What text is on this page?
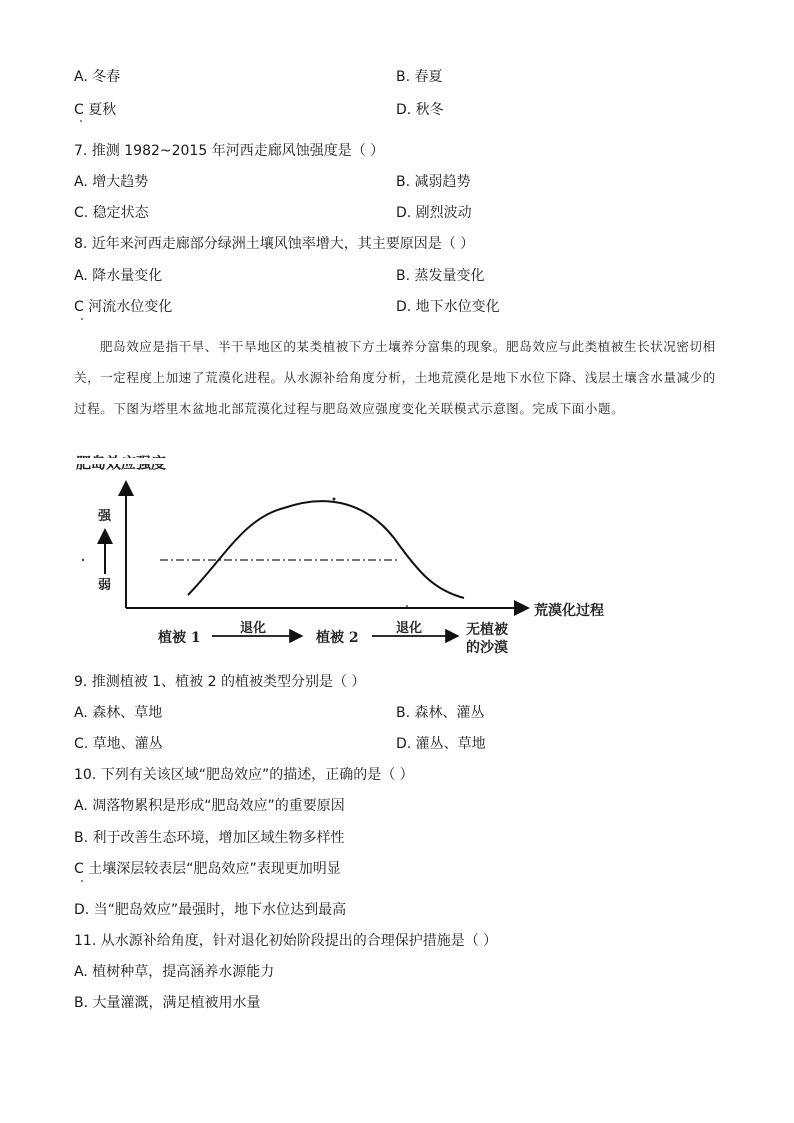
A. 冬春	B. 春夏
C 夏秋	D. 秋冬
7. 推测 1982~2015 年河西走廊风蚀强度是（ ）
A. 增大趋势	B. 减弱趋势
C. 稳定状态	D. 剧烈波动
8. 近年来河西走廊部分绿洲土壤风蚀率增大，其主要原因是（ ）
A. 降水量变化	B. 蒸发量变化
C 河流水位变化	D. 地下水位变化
肥岛效应是指干旱、半干旱地区的某类植被下方土壤养分富集的现象。肥岛效应与此类植被生长状况密切相关，一定程度上加速了荒漠化进程。从水源补给角度分析，土地荒漠化是地下水位下降、浅层土壤含水量减少的过程。下图为塔里木盆地北部荒漠化过程与肥岛效应强度变化关联模式示意图。完成下面小题。
强
弱
荒漠化过程
植被 1
退化
植被 2
退化	无植被
的沙漠
9. 推测植被 1、植被 2 的植被类型分别是（ ）
A. 森林、草地	B. 森林、灌丛
C. 草地、灌丛	D. 灌丛、草地
10. 下列有关该区域“肥岛效应”的描述，正确的是（ ）
A. 凋落物累积是形成“肥岛效应”的重要原因
B. 利于改善生态环境，增加区域生物多样性
C 土壤深层较表层“肥岛效应”表现更加明显
D. 当“肥岛效应”最强时，地下水位达到最高
11. 从水源补给角度，针对退化初始阶段提出的合理保护措施是（ ）
A. 植树种草，提高涵养水源能力
B. 大量灌溉，满足植被用水量
